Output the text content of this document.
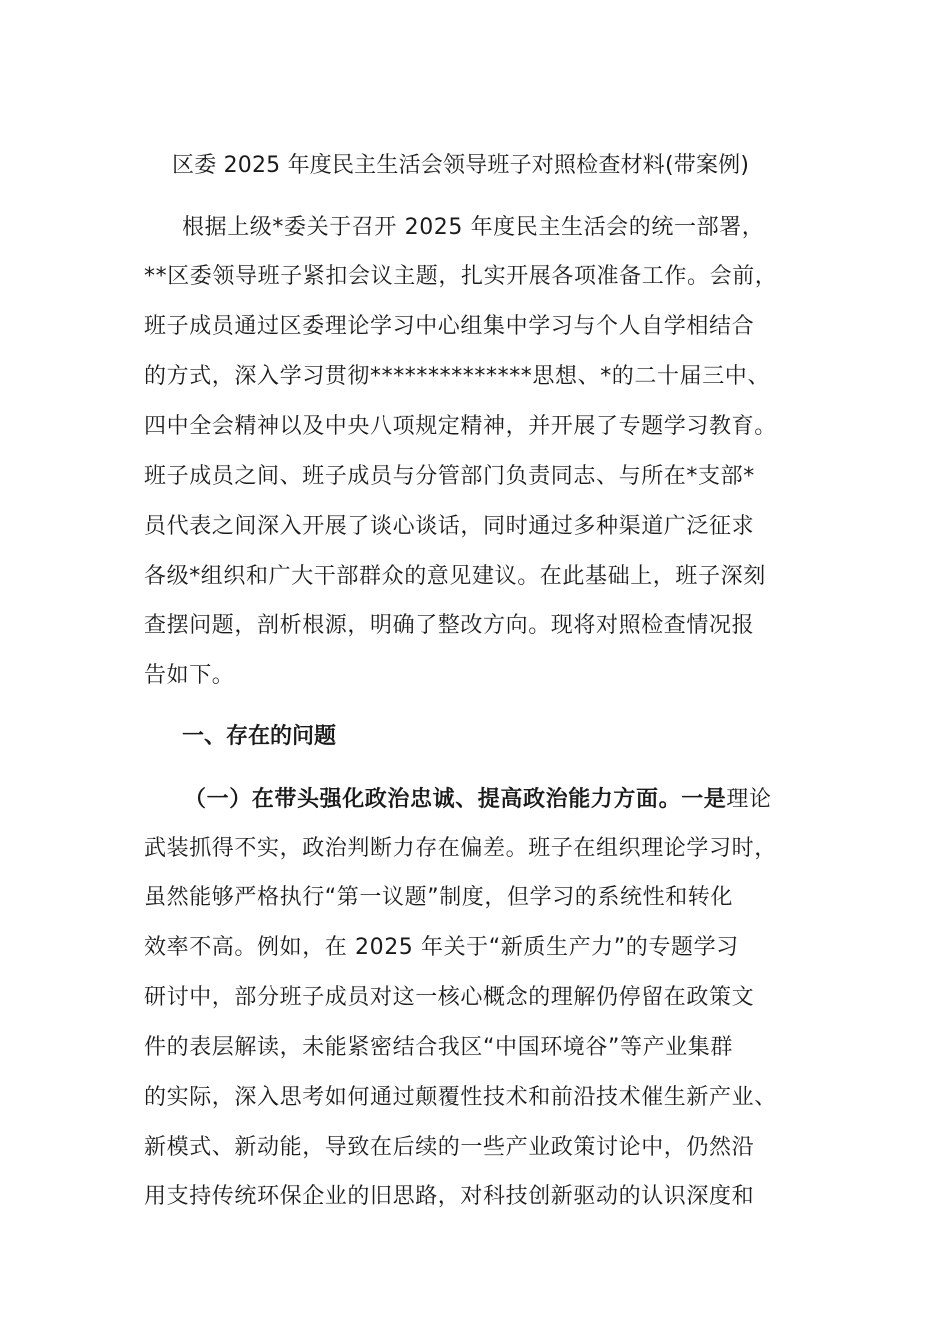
区委 2025 年度民主生活会领导班子对照检查材料(带案例)
根据上级*委关于召开 2025 年度民主生活会的统一部署，
**区委领导班子紧扣会议主题，扎实开展各项准备工作。会前，
班子成员通过区委理论学习中心组集中学习与个人自学相结合
的方式，深入学习贯彻**************思想、*的二十届三中、
四中全会精神以及中央八项规定精神，并开展了专题学习教育。
班子成员之间、班子成员与分管部门负责同志、与所在*支部*
员代表之间深入开展了谈心谈话，同时通过多种渠道广泛征求
各级*组织和广大干部群众的意见建议。在此基础上，班子深刻
查摆问题，剖析根源，明确了整改方向。现将对照检查情况报
告如下。
一、存在的问题
（一）在带头强化政治忠诚、提高政治能力方面。一是理论
武装抓得不实，政治判断力存在偏差。班子在组织理论学习时，
虽然能够严格执行“第一议题”制度，但学习的系统性和转化
效率不高。例如，在 2025 年关于“新质生产力”的专题学习
研讨中，部分班子成员对这一核心概念的理解仍停留在政策文
件的表层解读，未能紧密结合我区“中国环境谷”等产业集群
的实际，深入思考如何通过颠覆性技术和前沿技术催生新产业、
新模式、新动能，导致在后续的一些产业政策讨论中，仍然沿
用支持传统环保企业的旧思路，对科技创新驱动的认识深度和
